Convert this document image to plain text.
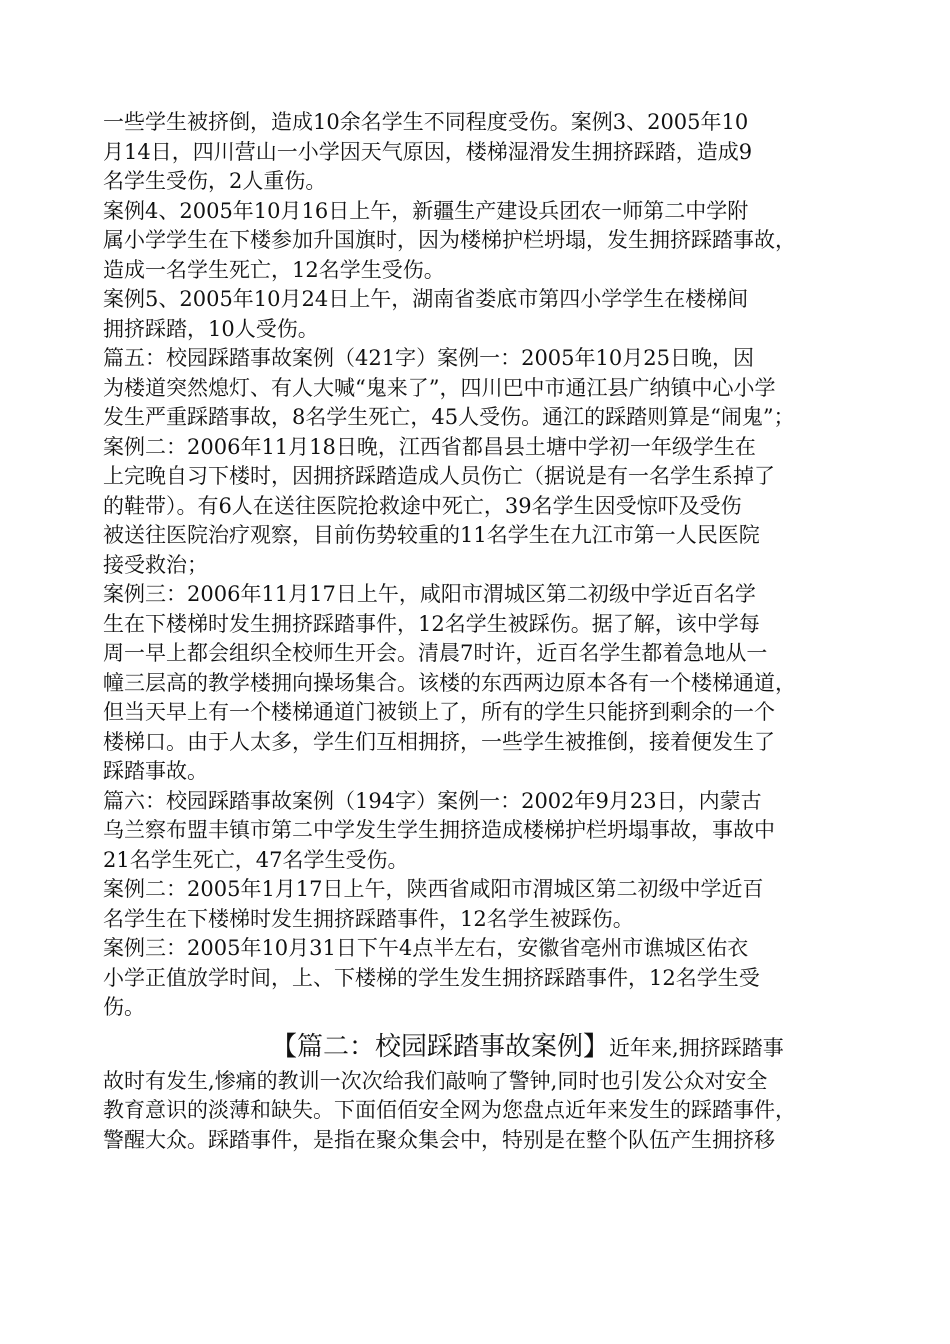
一些学生被挤倒，造成10余名学生不同程度受伤。案例3、2005年10
月14日，四川营山一小学因天气原因，楼梯湿滑发生拥挤踩踏，造成9
名学生受伤，2人重伤。
案例4、2005年10月16日上午，新疆生产建设兵团农一师第二中学附
属小学学生在下楼参加升国旗时，因为楼梯护栏坍塌，发生拥挤踩踏事故，
造成一名学生死亡，12名学生受伤。
案例5、2005年10月24日上午，湖南省娄底市第四小学学生在楼梯间
拥挤踩踏，10人受伤。
篇五：校园踩踏事故案例（421字）案例一：2005年10月25日晚，因
为楼道突然熄灯、有人大喊“鬼来了”，四川巴中市通江县广纳镇中心小学
发生严重踩踏事故，8名学生死亡，45人受伤。通江的踩踏则算是“闹鬼”；
案例二：2006年11月18日晚，江西省都昌县土塘中学初一年级学生在
上完晚自习下楼时，因拥挤踩踏造成人员伤亡（据说是有一名学生系掉了
的鞋带）。有6人在送往医院抢救途中死亡，39名学生因受惊吓及受伤
被送往医院治疗观察，目前伤势较重的11名学生在九江市第一人民医院
接受救治；
案例三：2006年11月17日上午，咸阳市渭城区第二初级中学近百名学
生在下楼梯时发生拥挤踩踏事件，12名学生被踩伤。据了解，该中学每
周一早上都会组织全校师生开会。清晨7时许，近百名学生都着急地从一
幢三层高的教学楼拥向操场集合。该楼的东西两边原本各有一个楼梯通道，
但当天早上有一个楼梯通道门被锁上了，所有的学生只能挤到剩余的一个
楼梯口。由于人太多，学生们互相拥挤，一些学生被推倒，接着便发生了
踩踏事故。
篇六：校园踩踏事故案例（194字）案例一：2002年9月23日，内蒙古
乌兰察布盟丰镇市第二中学发生学生拥挤造成楼梯护栏坍塌事故，事故中
21名学生死亡，47名学生受伤。
案例二：2005年1月17日上午，陕西省咸阳市渭城区第二初级中学近百
名学生在下楼梯时发生拥挤踩踏事件，12名学生被踩伤。
案例三：2005年10月31日下午4点半左右，安徽省亳州市谯城区佑衣
小学正值放学时间，上、下楼梯的学生发生拥挤踩踏事件，12名学生受
伤。
【篇二：校园踩踏事故案例】近年来,拥挤踩踏事
故时有发生,惨痛的教训一次次给我们敲响了警钟,同时也引发公众对安全
教育意识的淡薄和缺失。下面佰佰安全网为您盘点近年来发生的踩踏事件，
警醒大众。踩踏事件，是指在聚众集会中，特别是在整个队伍产生拥挤移
